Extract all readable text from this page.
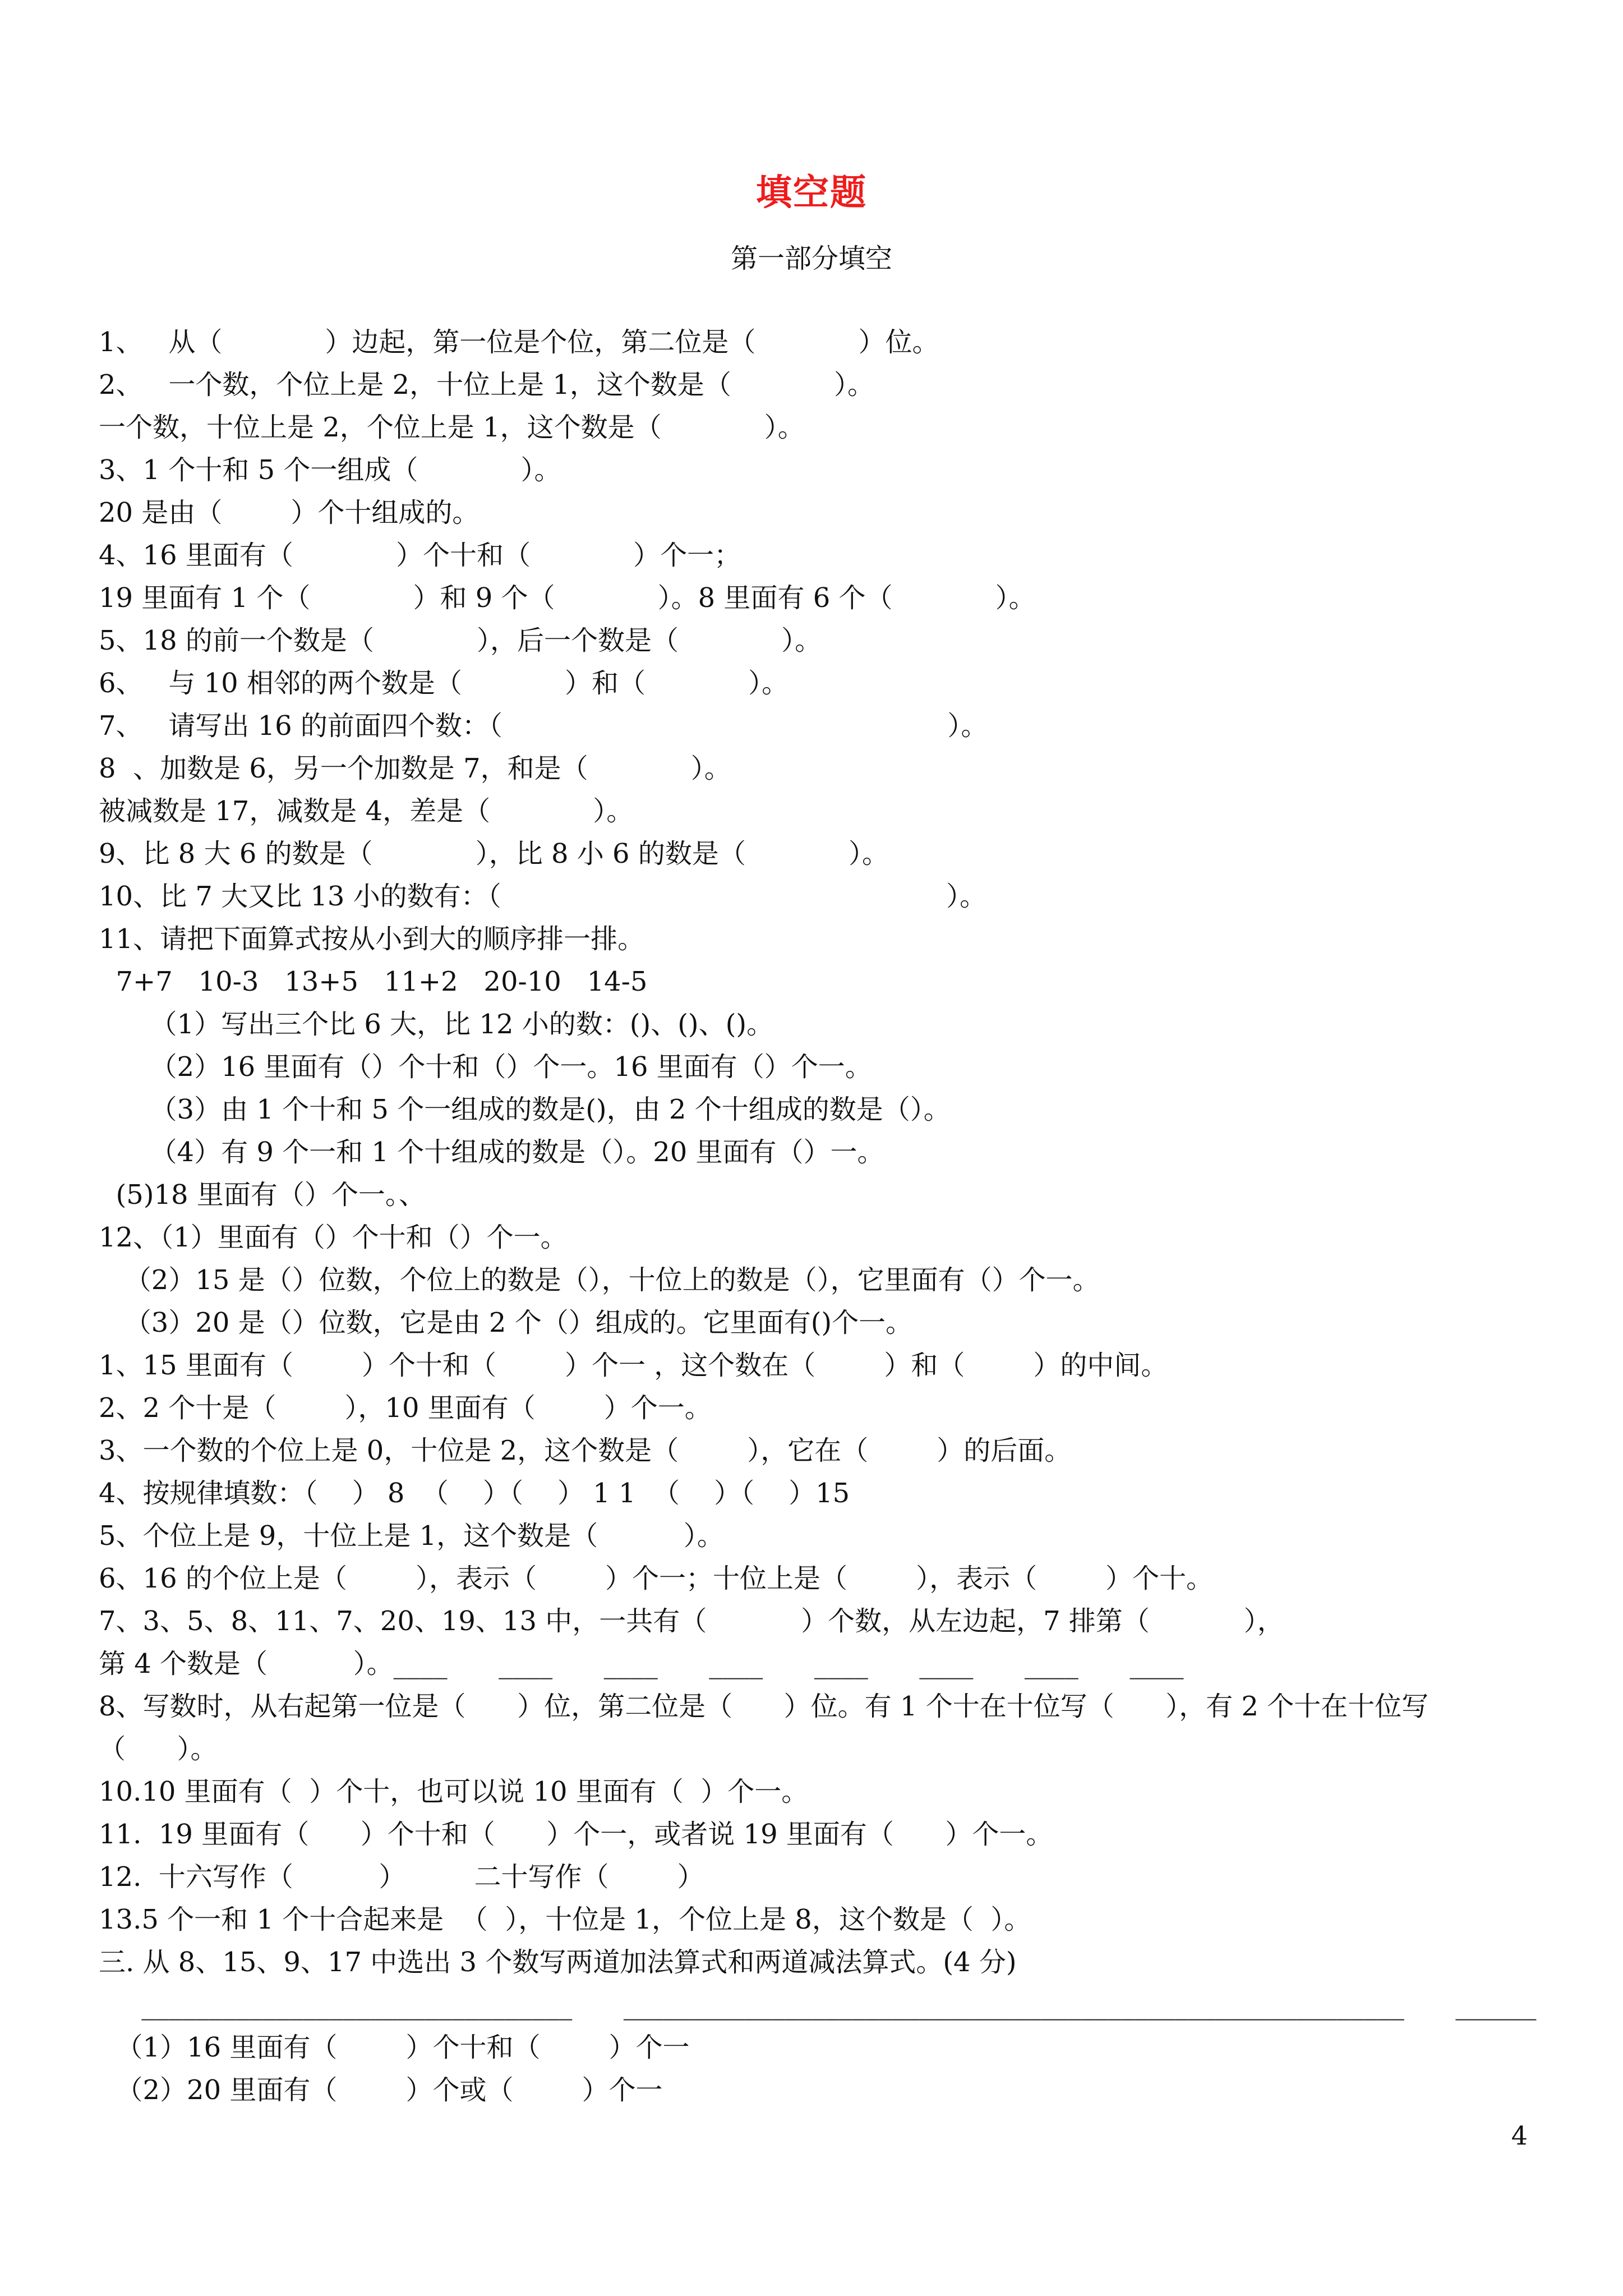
填空题
第一部分填空
1、   从（            ）边起，第一位是个位，第二位是（            ）位。
2、   一个数，个位上是 2，十位上是 1，这个数是（            ）。
一个数，十位上是 2，个位上是 1，这个数是（            ）。
3、1 个十和 5 个一组成（            ）。
20 是由（        ）个十组成的。
4、16 里面有（            ）个十和（            ）个一；
19 里面有 1 个（            ）和 9 个（            ）。8 里面有 6 个（            ）。
5、18 的前一个数是（            ），后一个数是（            ）。
6、   与 10 相邻的两个数是（            ）和（            ）。
7、   请写出 16 的前面四个数：（                                                    ）。
8  、加数是 6，另一个加数是 7，和是（            ）。
被减数是 17，减数是 4，差是（            ）。
9、比 8 大 6 的数是（            ），比 8 小 6 的数是（            ）。
10、比 7 大又比 13 小的数有：（                                                    ）。
11、请把下面算式按从小到大的顺序排一排。
7+7   10-3   13+5   11+2   20-10   14-5
（1）写出三个比 6 大，比 12 小的数：()、()、()。
（2）16 里面有（）个十和（）个一。16 里面有（）个一。
（3）由 1 个十和 5 个一组成的数是()，由 2 个十组成的数是（）。
（4）有 9 个一和 1 个十组成的数是（）。20 里面有（）一。
(5)18 里面有（）个一。、
12、（1）里面有（）个十和（）个一。
（2）15 是（）位数，个位上的数是（），十位上的数是（），它里面有（）个一。
（3）20 是（）位数，它是由 2 个（）组成的。它里面有()个一。
1、15 里面有（        ）个十和（        ）个一 ，这个数在（        ）和（        ）的中间。
2、2 个十是（        ），10 里面有（        ）个一。
3、一个数的个位上是 0，十位是 2，这个数是（        ），它在（        ）的后面。
4、按规律填数：（    ） 8  （    ）（    ） 1 1  （    ）（    ）15
5、个位上是 9，十位上是 1，这个数是（          ）。
6、16 的个位上是（        ），表示（        ）个一；十位上是（        ），表示（        ）个十。
7、3、5、8、11、7、20、19、13 中，一共有（           ）个数，从左边起，7 排第（           ），
第 4 个数是（          ）。____      ____      ____      ____      ____      ____      ____      ____
8、写数时，从右起第一位是（      ）位，第二位是（      ）位。有 1 个十在十位写（      ），有 2 个十在十位写
（      ）。
10.10 里面有（  ）个十，也可以说 10 里面有（  ）个一。
11.  19 里面有（      ）个十和（      ）个一，或者说 19 里面有（      ）个一。
12.  十六写作（          ）        二十写作（        ）
13.5 个一和 1 个十合起来是  （  ），十位是 1，个位上是 8，这个数是（  ）。
三. 从 8、15、9、17 中选出 3 个数写两道加法算式和两道减法算式。(4 分)
________________________________      __________________________________________________________      ______
（1）16 里面有（        ）个十和（        ）个一
（2）20 里面有（        ）个或（        ）个一
4
